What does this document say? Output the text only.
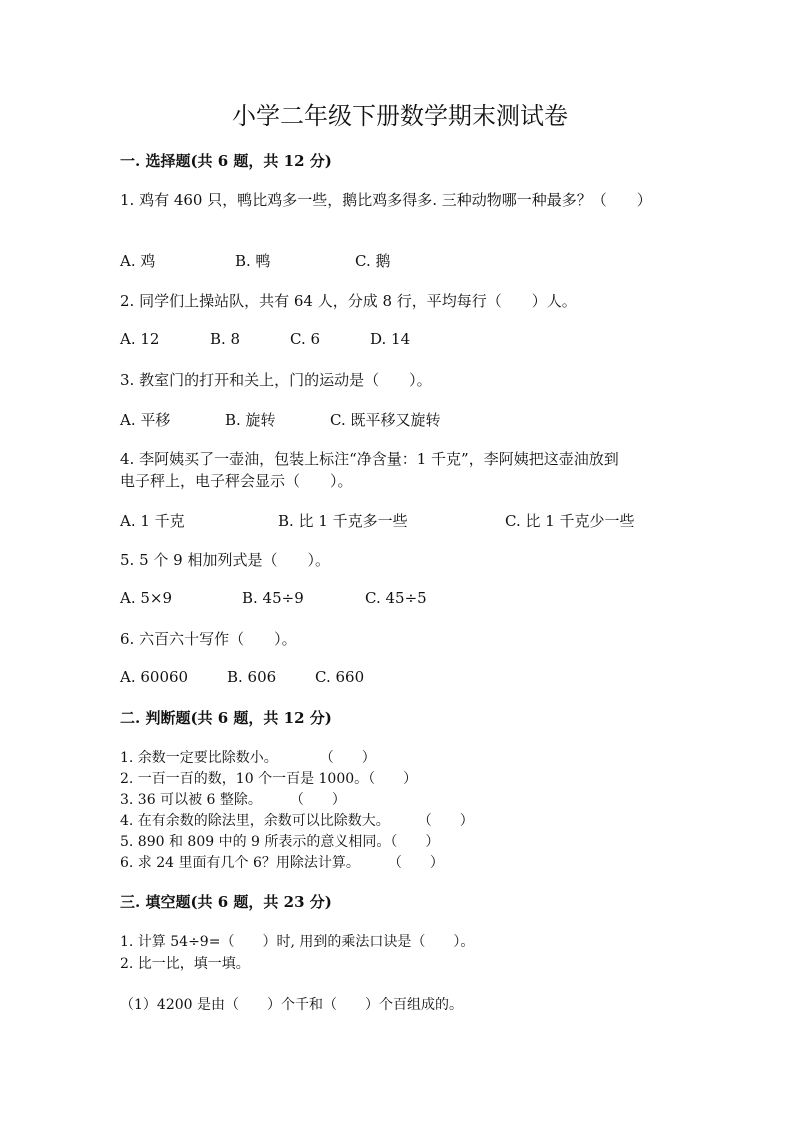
小学二年级下册数学期末测试卷
一. 选择题(共 6 题，共 12 分)
1. 鸡有 460 只，鸭比鸡多一些，鹅比鸡多得多. 三种动物哪一种最多？（　　）
A. 鸡	B. 鸭	C. 鹅
2. 同学们上操站队，共有 64 人，分成 8 行，平均每行（　　）人。
A. 12	B. 8	C. 6	D. 14
3. 教室门的打开和关上，门的运动是（　　）。
A. 平移	B. 旋转	C. 既平移又旋转
4. 李阿姨买了一壶油，包装上标注“净含量：1 千克”，李阿姨把这壶油放到
电子秤上，电子秤会显示（　　）。
A. 1 千克	B. 比 1 千克多一些	C. 比 1 千克少一些
5. 5 个 9 相加列式是（　　）。
A. 5×9	B. 45÷9	C. 45÷5
6. 六百六十写作（　　）。
A. 60060	B. 606	C. 660
二. 判断题(共 6 题，共 12 分)
1. 余数一定要比除数小。　　　　（　　）
2. 一百一百的数，10 个一百是 1000。（　　）
3. 36 可以被 6 整除。　　　（　　）
4. 在有余数的除法里，余数可以比除数大。　　　（　　）
5. 890 和 809 中的 9 所表示的意义相同。（　　）
6. 求 24 里面有几个 6？用除法计算。　　　（　　）
三. 填空题(共 6 题，共 23 分)
1. 计算 54÷9=（　　）时, 用到的乘法口诀是（　　）。
2. 比一比，填一填。
（1）4200 是由（　　）个千和（　　）个百组成的。
